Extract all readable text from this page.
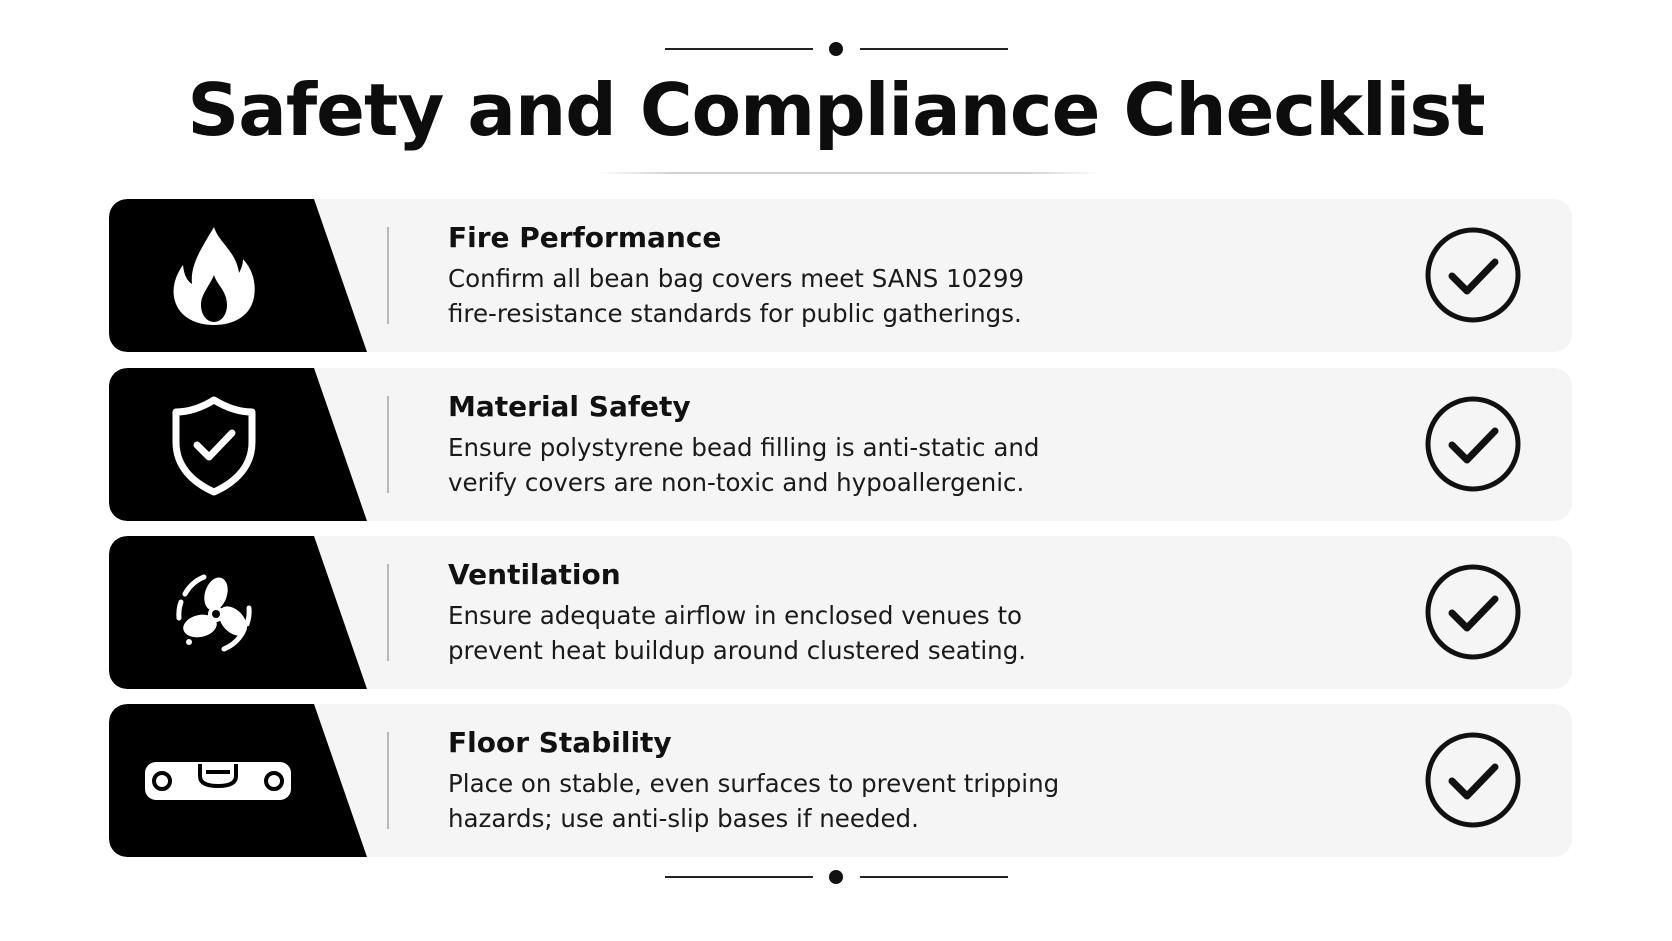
Safety and Compliance Checklist
Fire Performance
Confirm all bean bag covers meet SANS 10299
fire-resistance standards for public gatherings.
Material Safety
Ensure polystyrene bead filling is anti-static and
verify covers are non-toxic and hypoallergenic.
Ventilation
Ensure adequate airflow in enclosed venues to
prevent heat buildup around clustered seating.
Floor Stability
Place on stable, even surfaces to prevent tripping
hazards; use anti-slip bases if needed.
